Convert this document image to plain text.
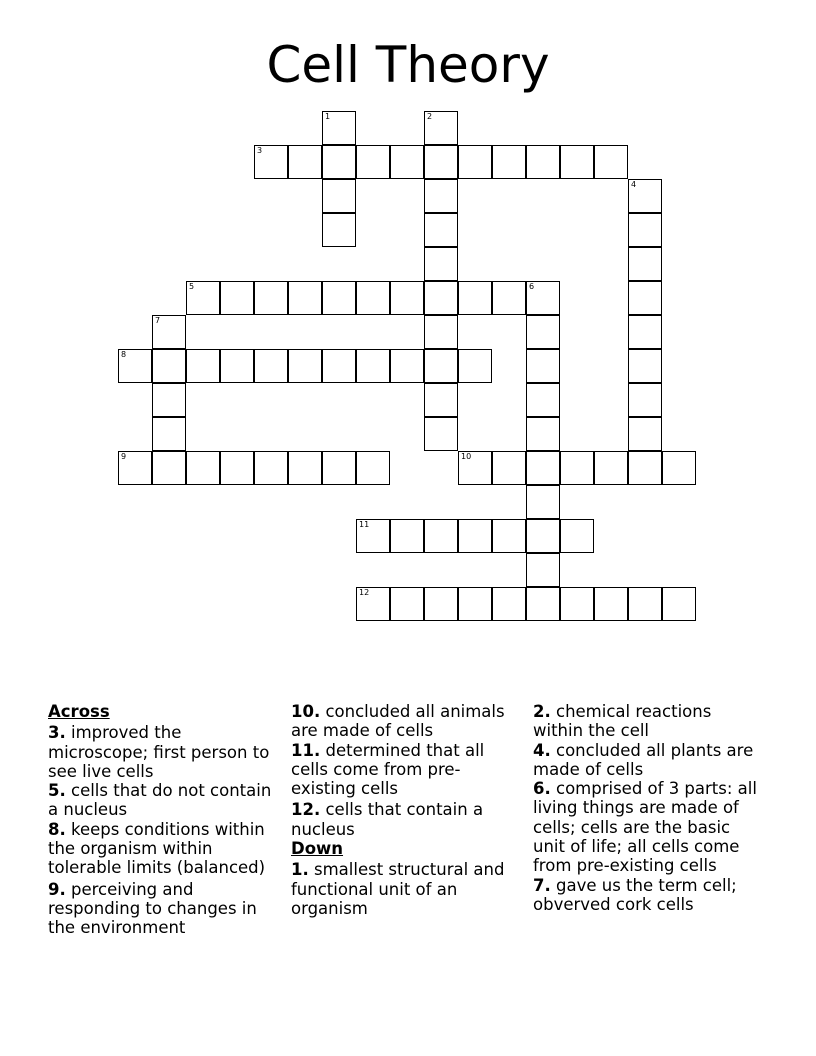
Cell Theory
1	2
3
4
5	6
7
8
9	10
11
12
Across
3. improved the microscope; first person to see live cells
5. cells that do not contain a nucleus
8. keeps conditions within the organism within tolerable limits (balanced)
9. perceiving and responding to changes in the environment
10. concluded all animals are made of cells
11. determined that all cells come from pre-existing cells
12. cells that contain a nucleus
Down
1. smallest structural and functional unit of an organism
2. chemical reactions within the cell
4. concluded all plants are made of cells
6. comprised of 3 parts: all living things are made of cells; cells are the basic unit of life; all cells come from pre-existing cells
7. gave us the term cell; obverved cork cells
